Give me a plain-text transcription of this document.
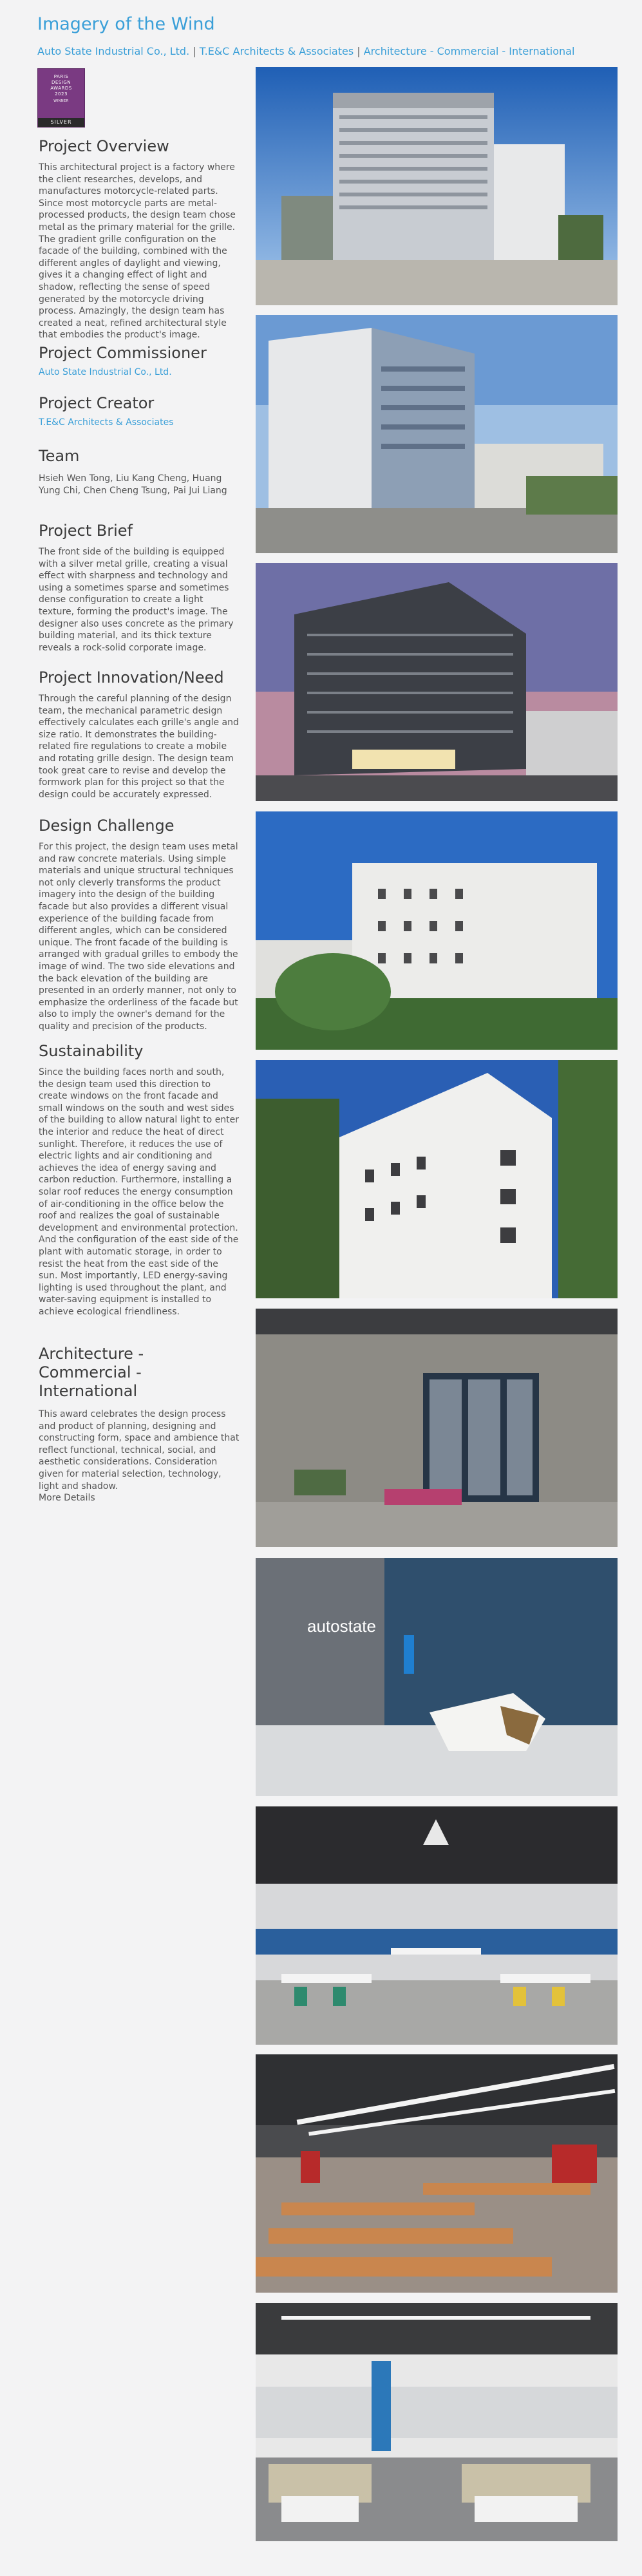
Imagery of the Wind
Auto State Industrial Co., Ltd. | T.E&C Architects & Associates | Architecture - Commercial - International
PARIS
DESIGN
AWARDS
2023
WINNER
SILVER
Project Overview

This architectural project is a factory where the client researches, develops, and manufactures motorcycle-related parts. Since most motorcycle parts are metal-processed products, the design team chose metal as the primary material for the grille. The gradient grille configuration on the facade of the building, combined with the different angles of daylight and viewing, gives it a changing effect of light and shadow, reflecting the sense of speed generated by the motorcycle driving process. Amazingly, the design team has created a neat, refined architectural style that embodies the product's image.

Project Commissioner
Auto State Industrial Co., Ltd.
Project Creator
T.E&C Architects & Associates
Team

Hsieh Wen Tong, Liu Kang Cheng, Huang Yung Chi, Chen Cheng Tsung, Pai Jui Liang

Project Brief

The front side of the building is equipped with a silver metal grille, creating a visual effect with sharpness and technology and using a sometimes sparse and sometimes dense configuration to create a light texture, forming the product's image. The designer also uses concrete as the primary building material, and its thick texture reveals a rock-solid corporate image.

Project Innovation/Need

Through the careful planning of the design team, the mechanical parametric design effectively calculates each grille's angle and size ratio. It demonstrates the building-related fire regulations to create a mobile and rotating grille design. The design team took great care to revise and develop the formwork plan for this project so that the design could be accurately expressed.

Design Challenge

For this project, the design team uses metal and raw concrete materials. Using simple materials and unique structural techniques not only cleverly transforms the product imagery into the design of the building facade but also provides a different visual experience of the building facade from different angles, which can be considered unique. The front facade of the building is arranged with gradual grilles to embody the image of wind. The two side elevations and the back elevation of the building are presented in an orderly manner, not only to emphasize the orderliness of the facade but also to imply the owner's demand for the quality and precision of the products.

Sustainability

Since the building faces north and south, the design team used this direction to create windows on the front facade and small windows on the south and west sides of the building to allow natural light to enter the interior and reduce the heat of direct sunlight. Therefore, it reduces the use of electric lights and air conditioning and achieves the idea of energy saving and carbon reduction. Furthermore, installing a solar roof reduces the energy consumption of air-conditioning in the office below the roof and realizes the goal of sustainable development and environmental protection. And the configuration of the east side of the plant with automatic storage, in order to resist the heat from the east side of the sun. Most importantly, LED energy-saving lighting is used throughout the plant, and water-saving equipment is installed to achieve ecological friendliness.

Architecture - Commercial - International

This award celebrates the design process and product of planning, designing and constructing form, space and ambience that reflect functional, technical, social, and aesthetic considerations. Consideration given for material selection, technology, light and shadow.

More Details
autostate
